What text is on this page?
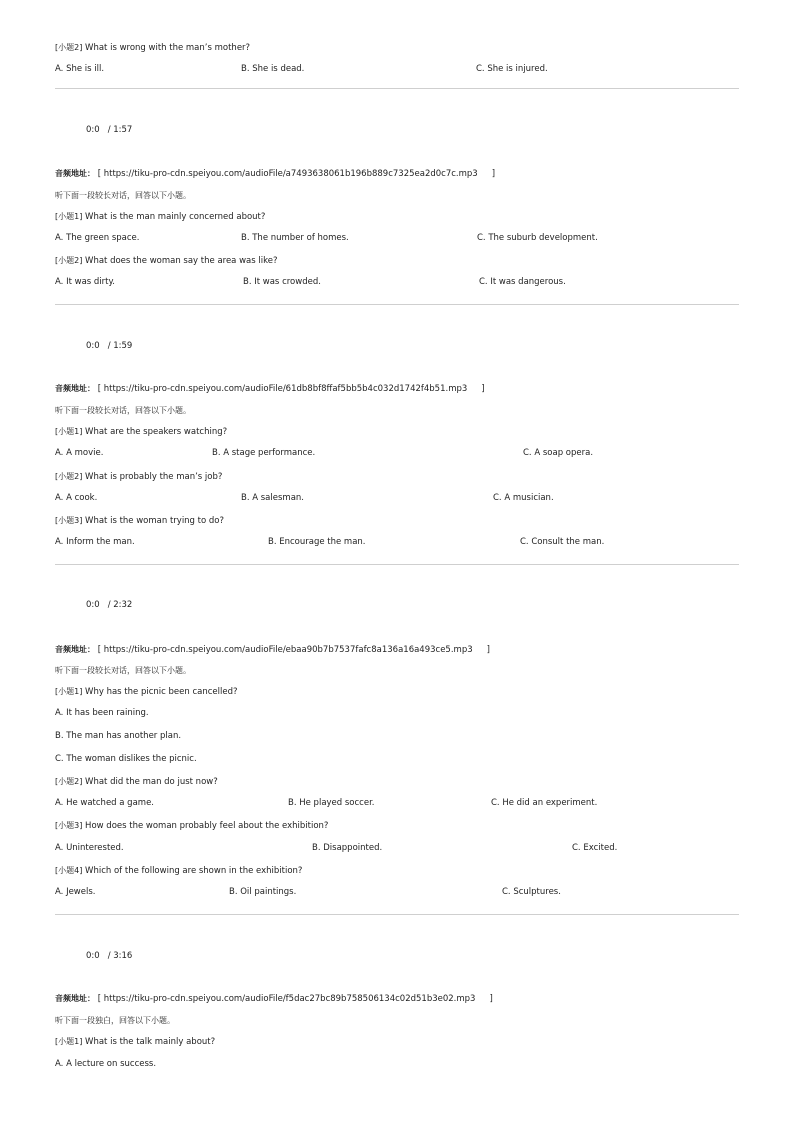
[小题2] What is wrong with the man’s mother?
A. She is ill.	B. She is dead.	C. She is injured.
0:0 / 1:57
音频地址： [ https://tiku-pro-cdn.speiyou.com/audioFile/a7493638061b196b889c7325ea2d0c7c.mp3 ]
听下面一段较长对话，回答以下小题。
[小题1] What is the man mainly concerned about?
A. The green space.	B. The number of homes.	C. The suburb development.
[小题2] What does the woman say the area was like?
A. It was dirty.	B. It was crowded.	C. It was dangerous.
0:0 / 1:59
音频地址： [ https://tiku-pro-cdn.speiyou.com/audioFile/61db8bf8ffaf5bb5b4c032d1742f4b51.mp3 ]
听下面一段较长对话，回答以下小题。
[小题1] What are the speakers watching?
A. A movie.	B. A stage performance.	C. A soap opera.
[小题2] What is probably the man’s job?
A. A cook.	B. A salesman.	C. A musician.
[小题3] What is the woman trying to do?
A. Inform the man.	B. Encourage the man.	C. Consult the man.
0:0 / 2:32
音频地址： [ https://tiku-pro-cdn.speiyou.com/audioFile/ebaa90b7b7537fafc8a136a16a493ce5.mp3 ]
听下面一段较长对话，回答以下小题。
[小题1] Why has the picnic been cancelled?
A. It has been raining.
B. The man has another plan.
C. The woman dislikes the picnic.
[小题2] What did the man do just now?
A. He watched a game.	B. He played soccer.	C. He did an experiment.
[小题3] How does the woman probably feel about the exhibition?
A. Uninterested.	B. Disappointed.	C. Excited.
[小题4] Which of the following are shown in the exhibition?
A. Jewels.	B. Oil paintings.	C. Sculptures.
0:0 / 3:16
音频地址： [ https://tiku-pro-cdn.speiyou.com/audioFile/f5dac27bc89b758506134c02d51b3e02.mp3 ]
听下面一段独白，回答以下小题。
[小题1] What is the talk mainly about?
A. A lecture on success.
